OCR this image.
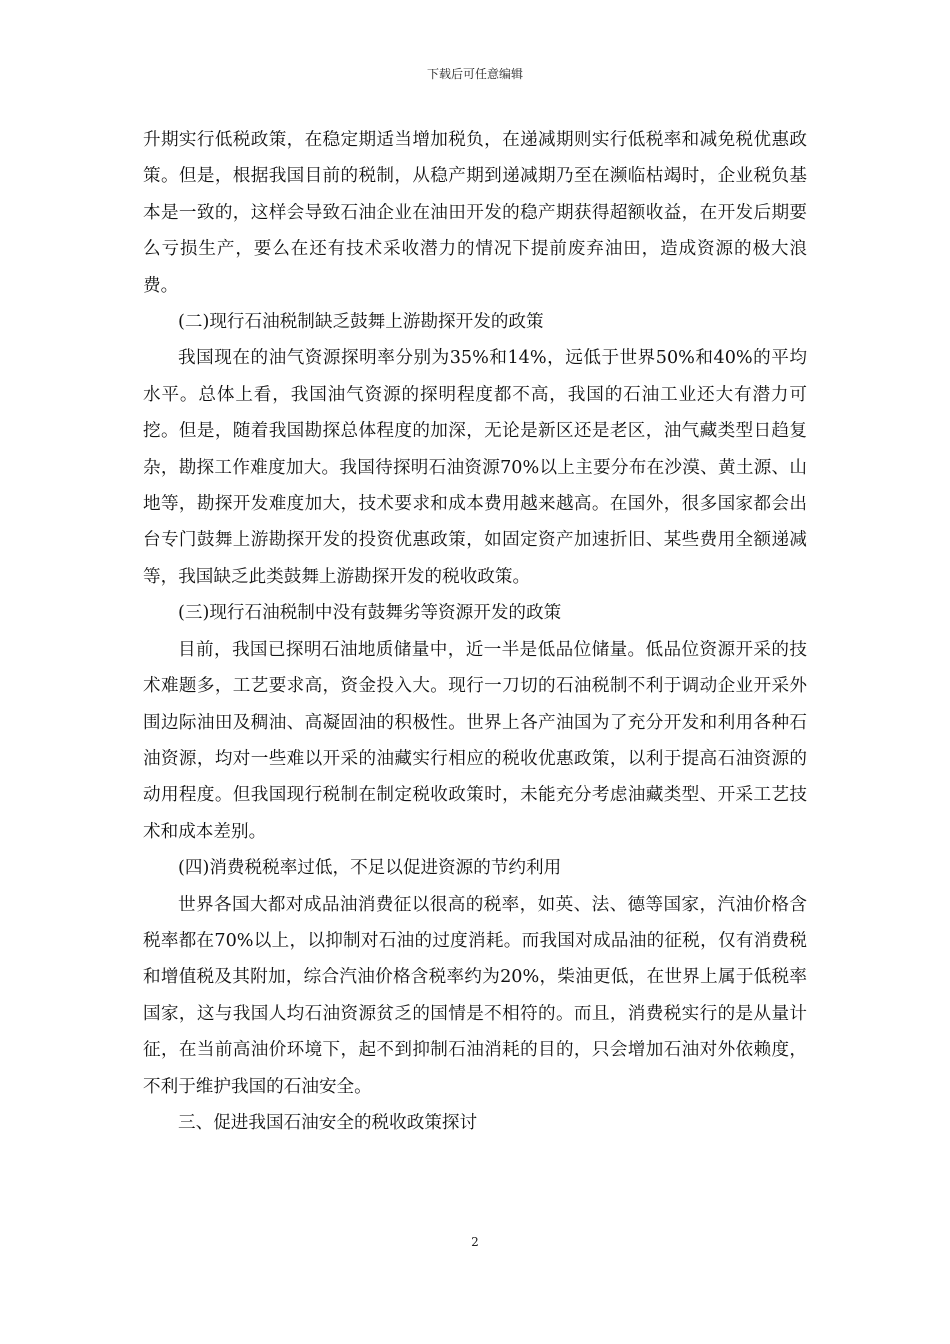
下载后可任意编辑

升期实行低税政策，在稳定期适当增加税负，在递减期则实行低税率和减免税优惠政策。但是，根据我国目前的税制，从稳产期到递减期乃至在濒临枯竭时，企业税负基本是一致的，这样会导致石油企业在油田开发的稳产期获得超额收益，在开发后期要么亏损生产，要么在还有技术采收潜力的情况下提前废弃油田，造成资源的极大浪费。

(二)现行石油税制缺乏鼓舞上游勘探开发的政策

我国现在的油气资源探明率分别为35%和14%，远低于世界50%和40%的平均水平。总体上看，我国油气资源的探明程度都不高，我国的石油工业还大有潜力可挖。但是，随着我国勘探总体程度的加深，无论是新区还是老区，油气藏类型日趋复杂，勘探工作难度加大。我国待探明石油资源70%以上主要分布在沙漠、黄土源、山地等，勘探开发难度加大，技术要求和成本费用越来越高。在国外，很多国家都会出台专门鼓舞上游勘探开发的投资优惠政策，如固定资产加速折旧、某些费用全额递减等，我国缺乏此类鼓舞上游勘探开发的税收政策。

(三)现行石油税制中没有鼓舞劣等资源开发的政策

目前，我国已探明石油地质储量中，近一半是低品位储量。低品位资源开采的技术难题多，工艺要求高，资金投入大。现行一刀切的石油税制不利于调动企业开采外围边际油田及稠油、高凝固油的积极性。世界上各产油国为了充分开发和利用各种石油资源，均对一些难以开采的油藏实行相应的税收优惠政策，以利于提高石油资源的动用程度。但我国现行税制在制定税收政策时，未能充分考虑油藏类型、开采工艺技术和成本差别。

(四)消费税税率过低，不足以促进资源的节约利用

世界各国大都对成品油消费征以很高的税率，如英、法、德等国家，汽油价格含税率都在70%以上，以抑制对石油的过度消耗。而我国对成品油的征税，仅有消费税和增值税及其附加，综合汽油价格含税率约为20%，柴油更低，在世界上属于低税率国家，这与我国人均石油资源贫乏的国情是不相符的。而且，消费税实行的是从量计征，在当前高油价环境下，起不到抑制石油消耗的目的，只会增加石油对外依赖度，不利于维护我国的石油安全。

三、促进我国石油安全的税收政策探讨

2
